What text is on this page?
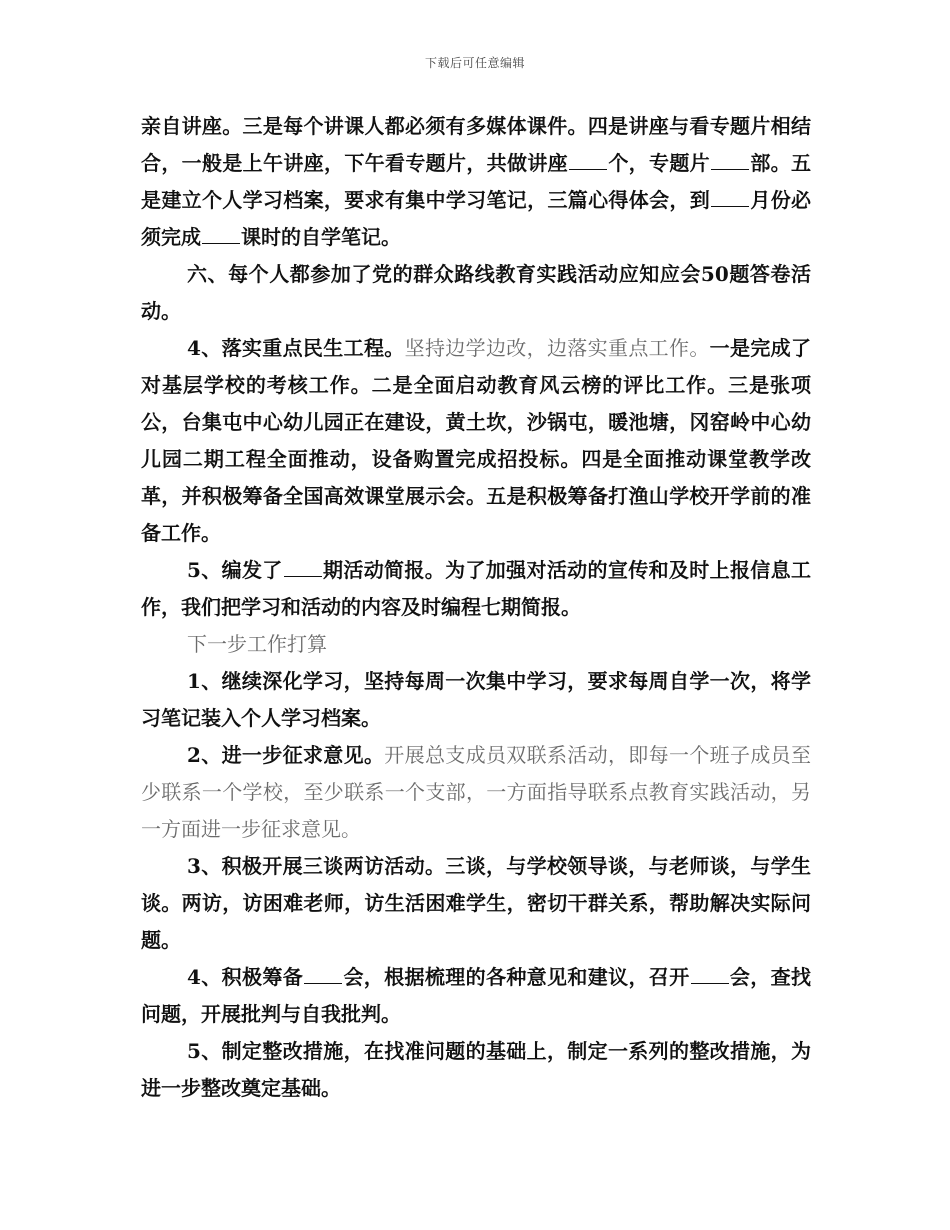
下载后可任意编辑

亲自讲座。三是每个讲课人都必须有多媒体课件。四是讲座与看专题片相结合，一般是上午讲座，下午看专题片，共做讲座 个，专题片 部。五是建立个人学习档案，要求有集中学习笔记，三篇心得体会，到 月份必须完成 课时的自学笔记。

六、每个人都参加了党的群众路线教育实践活动应知应会50题答卷活动。

4、落实重点民生工程。坚持边学边改，边落实重点工作。一是完成了对基层学校的考核工作。二是全面启动教育风云榜的评比工作。三是张项公，台集屯中心幼儿园正在建设，黄土坎，沙锅屯，暖池塘，冈窑岭中心幼儿园二期工程全面推动，设备购置完成招投标。四是全面推动课堂教学改革，并积极筹备全国高效课堂展示会。五是积极筹备打渔山学校开学前的准备工作。

5、编发了 期活动简报。为了加强对活动的宣传和及时上报信息工作，我们把学习和活动的内容及时编程七期简报。

下一步工作打算

1、继续深化学习，坚持每周一次集中学习，要求每周自学一次，将学习笔记装入个人学习档案。

2、进一步征求意见。开展总支成员双联系活动，即每一个班子成员至少联系一个学校，至少联系一个支部，一方面指导联系点教育实践活动，另一方面进一步征求意见。

3、积极开展三谈两访活动。三谈，与学校领导谈，与老师谈，与学生谈。两访，访困难老师，访生活困难学生，密切干群关系，帮助解决实际问题。

4、积极筹备 会，根据梳理的各种意见和建议，召开 会，查找问题，开展批判与自我批判。

5、制定整改措施，在找准问题的基础上，制定一系列的整改措施，为进一步整改奠定基础。
